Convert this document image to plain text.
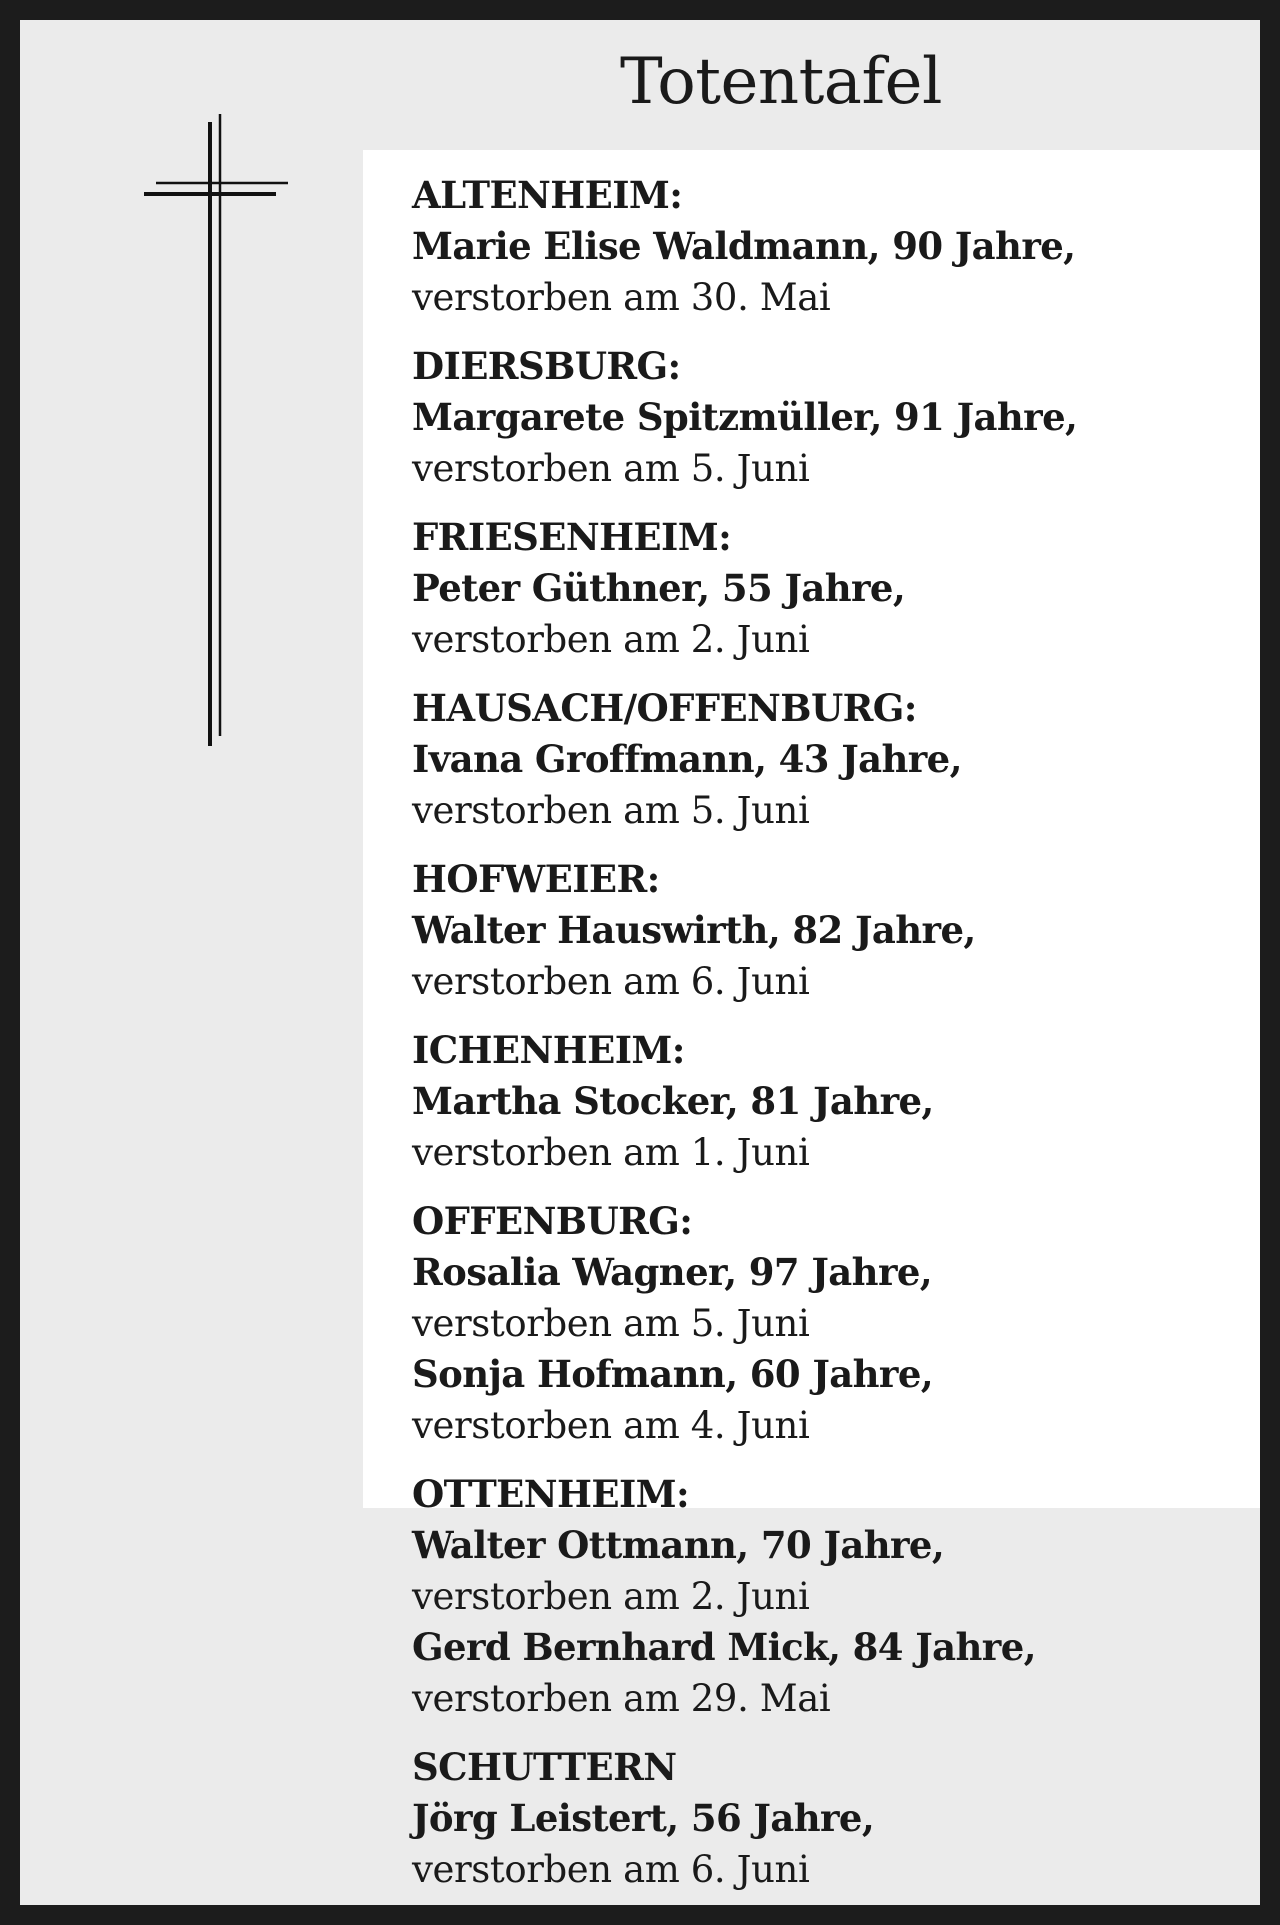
Totentafel
ALTENHEIM:
Marie Elise Waldmann, 90 Jahre,
verstorben am 30. Mai
DIERSBURG:
Margarete Spitzmüller, 91 Jahre,
verstorben am 5. Juni
FRIESENHEIM:
Peter Güthner, 55 Jahre,
verstorben am 2. Juni
HAUSACH/OFFENBURG:
Ivana Groffmann, 43 Jahre,
verstorben am 5. Juni
HOFWEIER:
Walter Hauswirth, 82 Jahre,
verstorben am 6. Juni
ICHENHEIM:
Martha Stocker, 81 Jahre,
verstorben am 1. Juni
OFFENBURG:
Rosalia Wagner, 97 Jahre,
verstorben am 5. Juni
Sonja Hofmann, 60 Jahre,
verstorben am 4. Juni
OTTENHEIM:
Walter Ottmann, 70 Jahre,
verstorben am 2. Juni
Gerd Bernhard Mick, 84 Jahre,
verstorben am 29. Mai
SCHUTTERN
Jörg Leistert, 56 Jahre,
verstorben am 6. Juni
